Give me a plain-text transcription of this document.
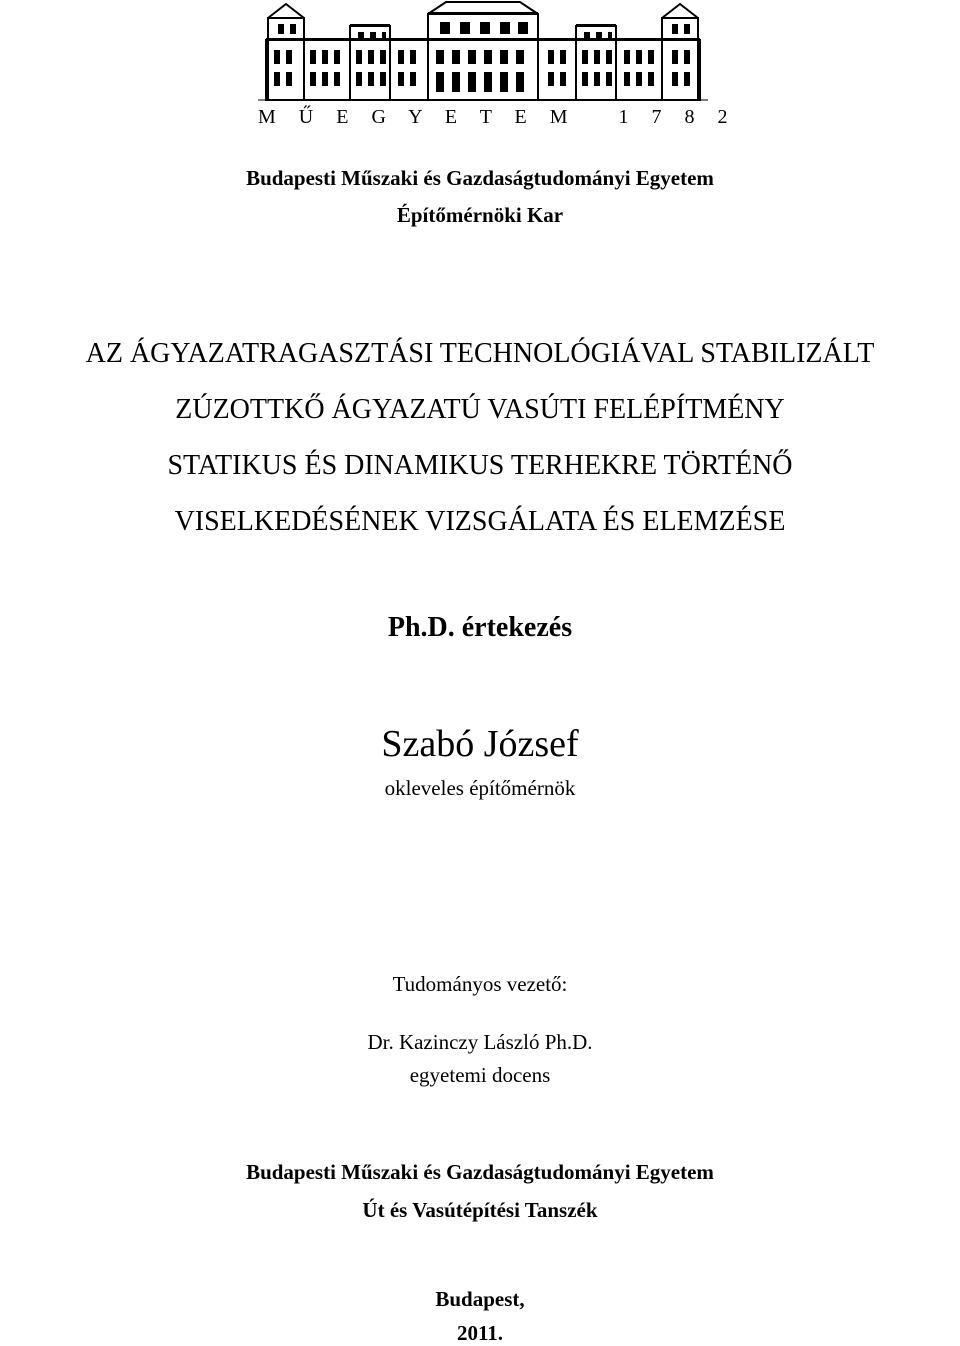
M Ű E G Y E T E M   1 7 8 2
Budapesti Műszaki és Gazdaságtudományi Egyetem
Építőmérnöki Kar
AZ ÁGYAZATRAGASZTÁSI TECHNOLÓGIÁVAL STABILIZÁLT
ZÚZOTTKŐ ÁGYAZATÚ VASÚTI FELÉPÍTMÉNY
STATIKUS ÉS DINAMIKUS TERHEKRE TÖRTÉNŐ
VISELKEDÉSÉNEK VIZSGÁLATA ÉS ELEMZÉSE
Ph.D. értekezés
Szabó József
okleveles építőmérnök
Tudományos vezető:
Dr. Kazinczy László Ph.D.
egyetemi docens
Budapesti Műszaki és Gazdaságtudományi Egyetem
Út és Vasútépítési Tanszék
Budapest,
2011.
